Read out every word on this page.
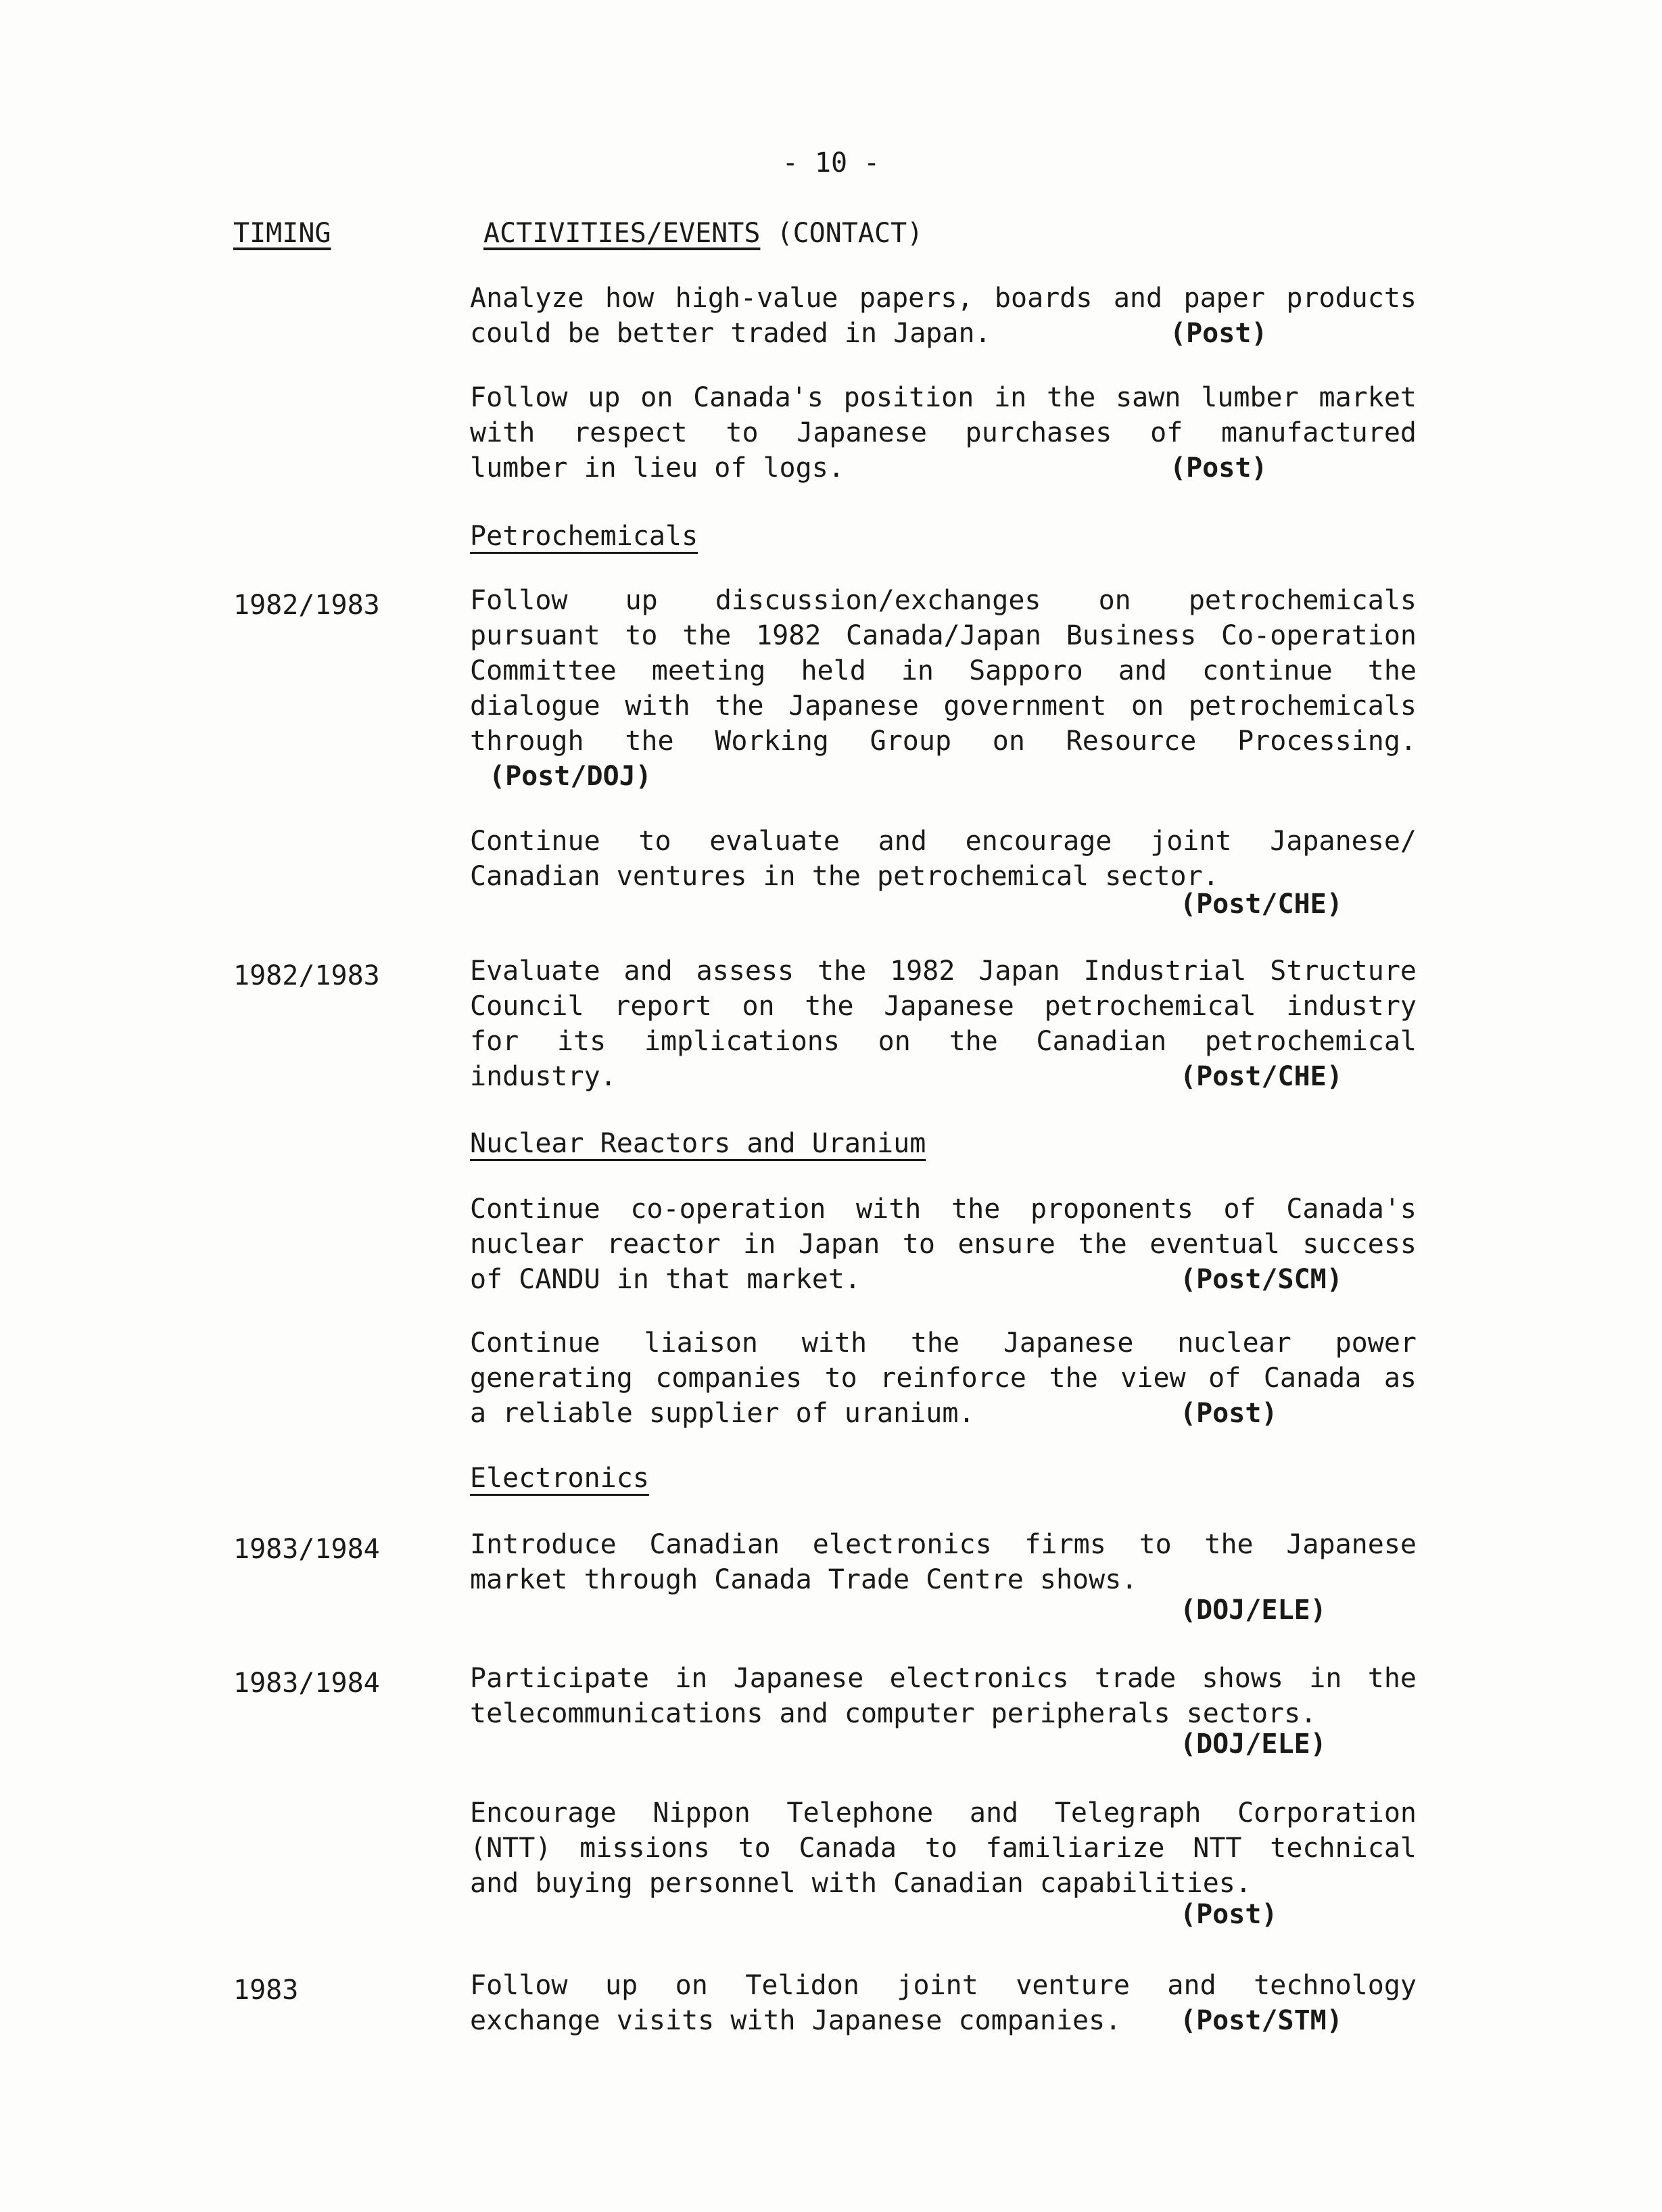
- 10 -
TIMING	ACTIVITIES/EVENTS (CONTACT)
Analyze how high-value papers, boards and paper products
could be better traded in Japan.	(Post)
Follow up on Canada's position in the sawn lumber market
with respect to Japanese purchases of manufactured
lumber in lieu of logs.	(Post)
Petrochemicals
1982/1983	Follow up discussion/exchanges on petrochemicals
pursuant to the 1982 Canada/Japan Business Co-operation
Committee meeting held in Sapporo and continue the
dialogue with the Japanese government on petrochemicals
through the Working Group on Resource Processing.
(Post/DOJ)
Continue to evaluate and encourage joint Japanese/
Canadian ventures in the petrochemical sector.
(Post/CHE)
1982/1983	Evaluate and assess the 1982 Japan Industrial Structure
Council report on the Japanese petrochemical industry
for its implications on the Canadian petrochemical
industry.	(Post/CHE)
Nuclear Reactors and Uranium
Continue co-operation with the proponents of Canada's
nuclear reactor in Japan to ensure the eventual success
of CANDU in that market.	(Post/SCM)
Continue liaison with the Japanese nuclear power
generating companies to reinforce the view of Canada as
a reliable supplier of uranium.	(Post)
Electronics
1983/1984	Introduce Canadian electronics firms to the Japanese
market through Canada Trade Centre shows.
(DOJ/ELE)
1983/1984	Participate in Japanese electronics trade shows in the
telecommunications and computer peripherals sectors.
(DOJ/ELE)
Encourage Nippon Telephone and Telegraph Corporation
(NTT) missions to Canada to familiarize NTT technical
and buying personnel with Canadian capabilities.
(Post)
1983	Follow up on Telidon joint venture and technology
exchange visits with Japanese companies. (Post/STM)
